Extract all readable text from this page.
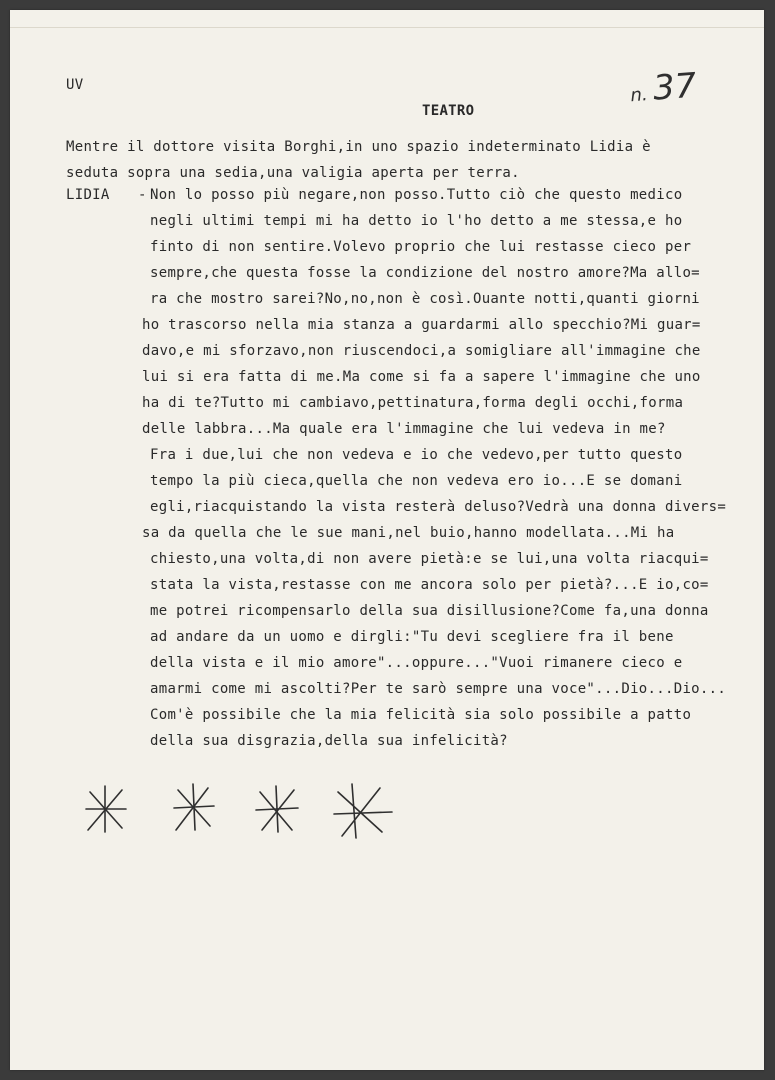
UV	n. 37
TEATRO
Mentre il dottore visita Borghi,in uno spazio indeterminato Lidia è
seduta sopra una sedia,una valigia aperta per terra.
LIDIA - Non lo posso più negare,non posso.Tutto ciò che questo medico
negli ultimi tempi mi ha detto io l'ho detto a me stessa,e ho
finto di non sentire.Volevo proprio che lui restasse cieco per
sempre,che questa fosse la condizione del nostro amore?Ma allo=
ra che mostro sarei?No,no,non è così.Ouante notti,quanti giorni
ho trascorso nella mia stanza a guardarmi allo specchio?Mi guar=
davo,e mi sforzavo,non riuscendoci,a somigliare all'immagine che
lui si era fatta di me.Ma come si fa a sapere l'immagine che uno
ha di te?Tutto mi cambiavo,pettinatura,forma degli occhi,forma
delle labbra...Ma quale era l'immagine che lui vedeva in me?
Fra i due,lui che non vedeva e io che vedevo,per tutto questo
tempo la più cieca,quella che non vedeva ero io...E se domani
egli,riacquistando la vista resterà deluso?Vedrà una donna divers=
sa da quella che le sue mani,nel buio,hanno modellata...Mi ha
chiesto,una volta,di non avere pietà:e se lui,una volta riacqui=
stata la vista,restasse con me ancora solo per pietà?...E io,co=
me potrei ricompensarlo della sua disillusione?Come fa,una donna
ad andare da un uomo e dirgli:"Tu devi scegliere fra il bene
della vista e il mio amore"...oppure..."Vuoi rimanere cieco e
amarmi come mi ascolti?Per te sarò sempre una voce"...Dio...Dio...
Com'è possibile che la mia felicità sia solo possibile a patto
della sua disgrazia,della sua infelicità?
